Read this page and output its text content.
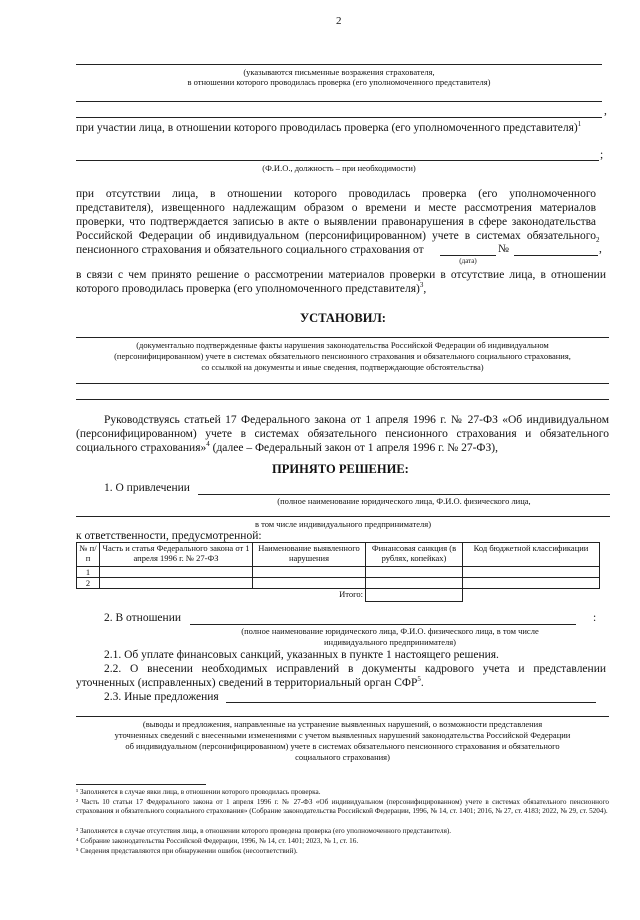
2
(указываются письменные возражения страхователя,
в отношении которого проводилась проверка (его уполномоченного представителя)
,
при участии лица, в отношении которого проводилась проверка (его уполномоченного представителя)$^1$
;
(Ф.И.О., должность – при необходимости)
при отсутствии лица, в отношении которого проводилась проверка (его уполномоченного представителя), извещенного надлежащим образом о времени и месте рассмотрения материалов проверки, что подтверждается записью в акте о выявлении правонарушения в сфере законодательства Российской Федерации об индивидуальном (персонифицированном) учете в системах обязательного пенсионного страхования и обязательного социального страхования от	№	,
2
(дата)
в связи с чем принято решение о рассмотрении материалов проверки в отсутствие лица, в отношении которого проводилась проверка (его уполномоченного представителя)$^3$,
УСТАНОВИЛ:
(документально подтвержденные факты нарушения законодательства Российской Федерации об индивидуальном
(персонифицированном) учете в системах обязательного пенсионного страхования и обязательного социального страхования,
со ссылкой на документы и иные сведения, подтверждающие обстоятельства)
Руководствуясь статьей 17 Федерального закона от 1 апреля 1996 г. № 27-ФЗ «Об индивидуальном (персонифицированном) учете в системах обязательного пенсионного страхования и обязательного социального страхования»$^4$ (далее – Федеральный закон от 1 апреля 1996 г. № 27-ФЗ),
ПРИНЯТО РЕШЕНИЕ:
1. О привлечении
(полное наименование юридического лица, Ф.И.О. физического лица,
в том числе индивидуального предпринимателя)
к ответственности, предусмотренной:
№ п/п	Часть и статья Федерального закона от 1 апреля 1996 г. № 27-ФЗ	Наименование выявленного нарушения	Финансовая санкция (в рублях, копейках)	Код бюджетной классификации
1				
2				
Итого:				
2. В отношении	:
(полное наименование юридического лица, Ф.И.О. физического лица, в том числе
индивидуального предпринимателя)
2.1. Об уплате финансовых санкций, указанных в пункте 1 настоящего решения.
2.2. О внесении необходимых исправлений в документы кадрового учета и представлении уточненных (исправленных) сведений в территориальный орган СФР$^5$.
2.3. Иные предложения
(выводы и предложения, направленные на устранение выявленных нарушений, о возможности представления
уточненных сведений с внесенными изменениями с учетом выявленных нарушений законодательства Российской Федерации
об индивидуальном (персонифицированном) учете в системах обязательного пенсионного страхования и обязательного
социального страхования)
¹ Заполняется в случае явки лица, в отношении которого проводилась проверка.
² Часть 10 статьи 17 Федерального закона от 1 апреля 1996 г. № 27-ФЗ «Об индивидуальном (персонифицированном) учете в системах обязательного пенсионного страхования и обязательного социального страхования» (Собрание законодательства Российской Федерации, 1996, № 14, ст. 1401; 2016, № 27, ст. 4183; 2022, № 29, ст. 5204).
³ Заполняется в случае отсутствия лица, в отношении которого проведена проверка (его уполномоченного представителя).
⁴ Собрание законодательства Российской Федерации, 1996, № 14, ст. 1401; 2023, № 1, ст. 16.
⁵ Сведения представляются при обнаружении ошибок (несоответствий).
